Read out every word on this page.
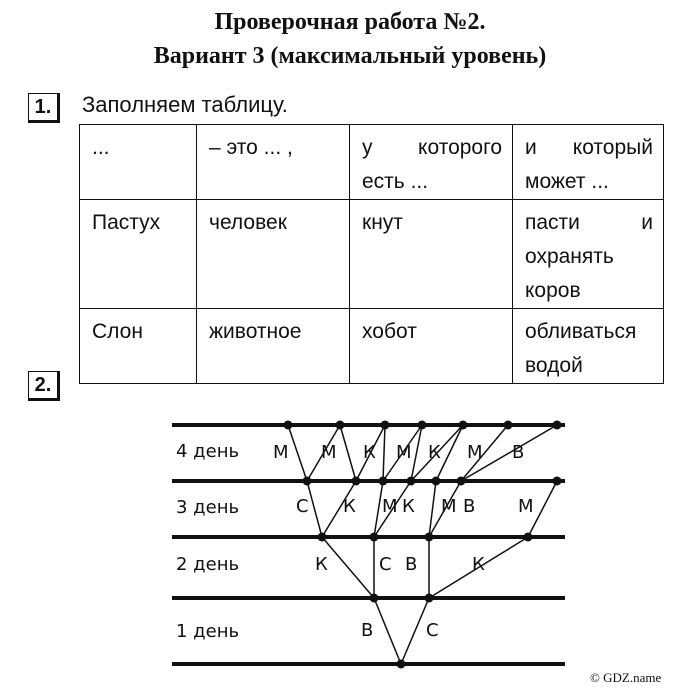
Проверочная работа №2.
Вариант 3 (максимальный уровень)
1.	Заполняем таблицу.
...	– это ... ,	у которого есть ...	и который может ...
Пастух	человек	кнут	пасти и охранять коров
Слон	животное	хобот	обливаться водой
2.
4 день
3 день
2 день
1 день
М М К М К М В
С К М К М В М
К	С В	К
В	С
© GDZ.name
